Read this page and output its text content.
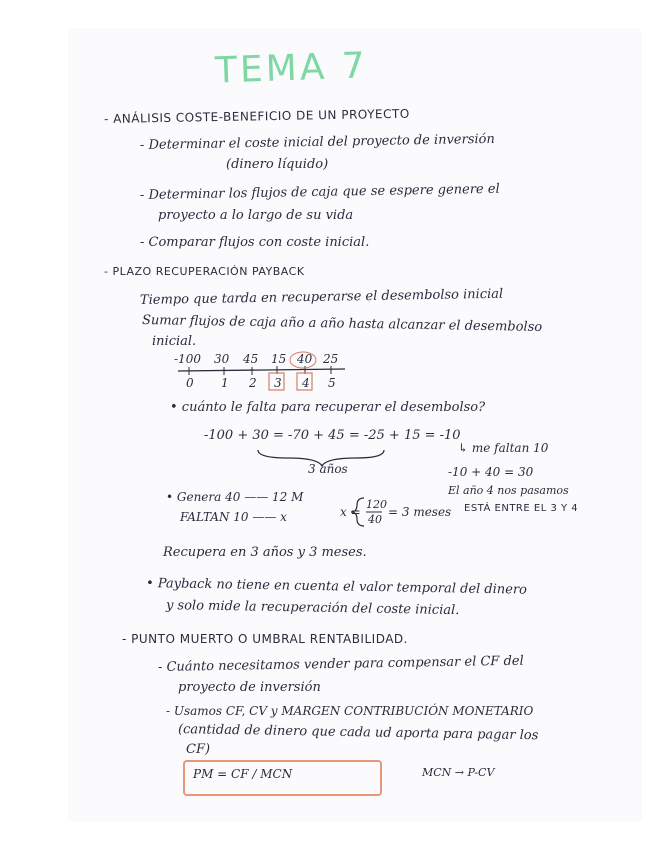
TEMA 7
- ANÁLISIS COSTE-BENEFICIO DE UN PROYECTO
- Determinar el coste inicial del proyecto de inversión
(dinero líquido)
- Determinar los flujos de caja que se espere genere el
proyecto a lo largo de su vida
- Comparar flujos con coste inicial.
- PLAZO RECUPERACIÓN PAYBACK
Tiempo que tarda en recuperarse el desembolso inicial
Sumar flujos de caja año a año hasta alcanzar el desembolso
inicial.
-100 30 45 15 40 25
0 1 2 3 4 5
• cuánto le falta para recuperar el desembolso?
-100 + 30 = -70 + 45 = -25 + 15 = -10
3 años
↳ me faltan 10
-10 + 40 = 30
El año 4 nos pasamos
ESTÁ ENTRE EL 3 Y 4
• Genera 40 —— 12 M
FALTAN 10 —— x	x =
120
40
= 3 meses
Recupera en 3 años y 3 meses.
• Payback no tiene en cuenta el valor temporal del dinero
y solo mide la recuperación del coste inicial.
- PUNTO MUERTO O UMBRAL RENTABILIDAD.
- Cuánto necesitamos vender para compensar el CF del
proyecto de inversión
- Usamos CF, CV y MARGEN CONTRIBUCIÓN MONETARIO
(cantidad de dinero que cada ud aporta para pagar los
CF)
PM = CF / MCN	MCN → P-CV
